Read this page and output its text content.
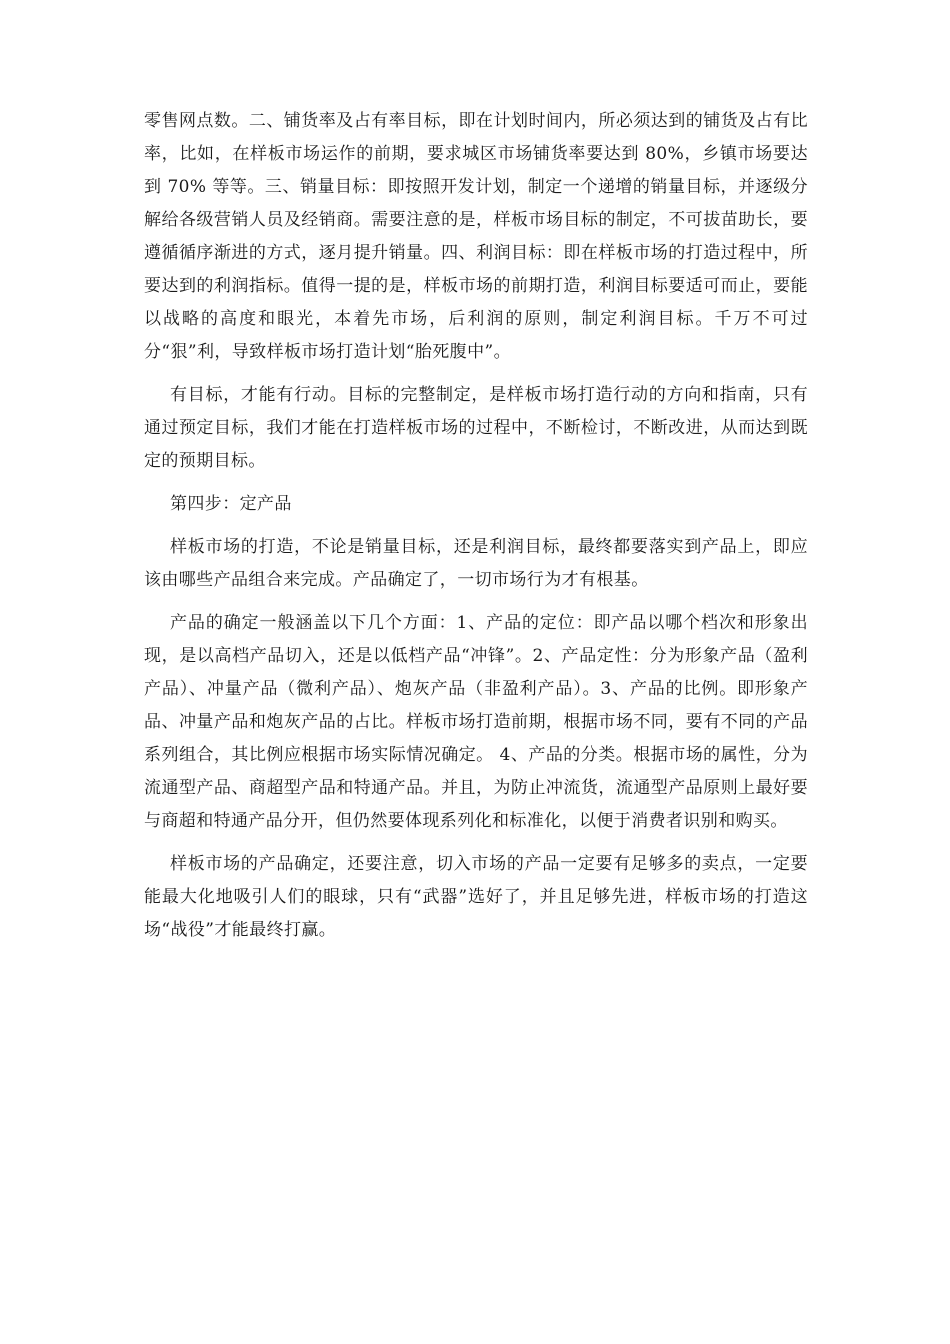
零售网点数。二、铺货率及占有率目标，即在计划时间内，所必须达到的铺货及占有比率，比如，在样板市场运作的前期，要求城区市场铺货率要达到 80%，乡镇市场要达到 70% 等等。三、销量目标：即按照开发计划，制定一个递增的销量目标，并逐级分解给各级营销人员及经销商。需要注意的是，样板市场目标的制定，不可拔苗助长，要遵循循序渐进的方式，逐月提升销量。四、利润目标：即在样板市场的打造过程中，所要达到的利润指标。值得一提的是，样板市场的前期打造，利润目标要适可而止，要能以战略的高度和眼光，本着先市场，后利润的原则，制定利润目标。千万不可过分“狠”利，导致样板市场打造计划“胎死腹中”。

有目标，才能有行动。目标的完整制定，是样板市场打造行动的方向和指南，只有通过预定目标，我们才能在打造样板市场的过程中，不断检讨，不断改进，从而达到既定的预期目标。

第四步：定产品

样板市场的打造，不论是销量目标，还是利润目标，最终都要落实到产品上，即应该由哪些产品组合来完成。产品确定了，一切市场行为才有根基。

产品的确定一般涵盖以下几个方面：1、产品的定位：即产品以哪个档次和形象出现，是以高档产品切入，还是以低档产品“冲锋”。2、产品定性：分为形象产品（盈利产品）、冲量产品（微利产品）、炮灰产品（非盈利产品）。3、产品的比例。即形象产品、冲量产品和炮灰产品的占比。样板市场打造前期，根据市场不同，要有不同的产品系列组合，其比例应根据市场实际情况确定。 4、产品的分类。根据市场的属性，分为流通型产品、商超型产品和特通产品。并且，为防止冲流货，流通型产品原则上最好要与商超和特通产品分开，但仍然要体现系列化和标准化，以便于消费者识别和购买。

样板市场的产品确定，还要注意，切入市场的产品一定要有足够多的卖点，一定要能最大化地吸引人们的眼球，只有“武器”选好了，并且足够先进，样板市场的打造这场“战役”才能最终打赢。
